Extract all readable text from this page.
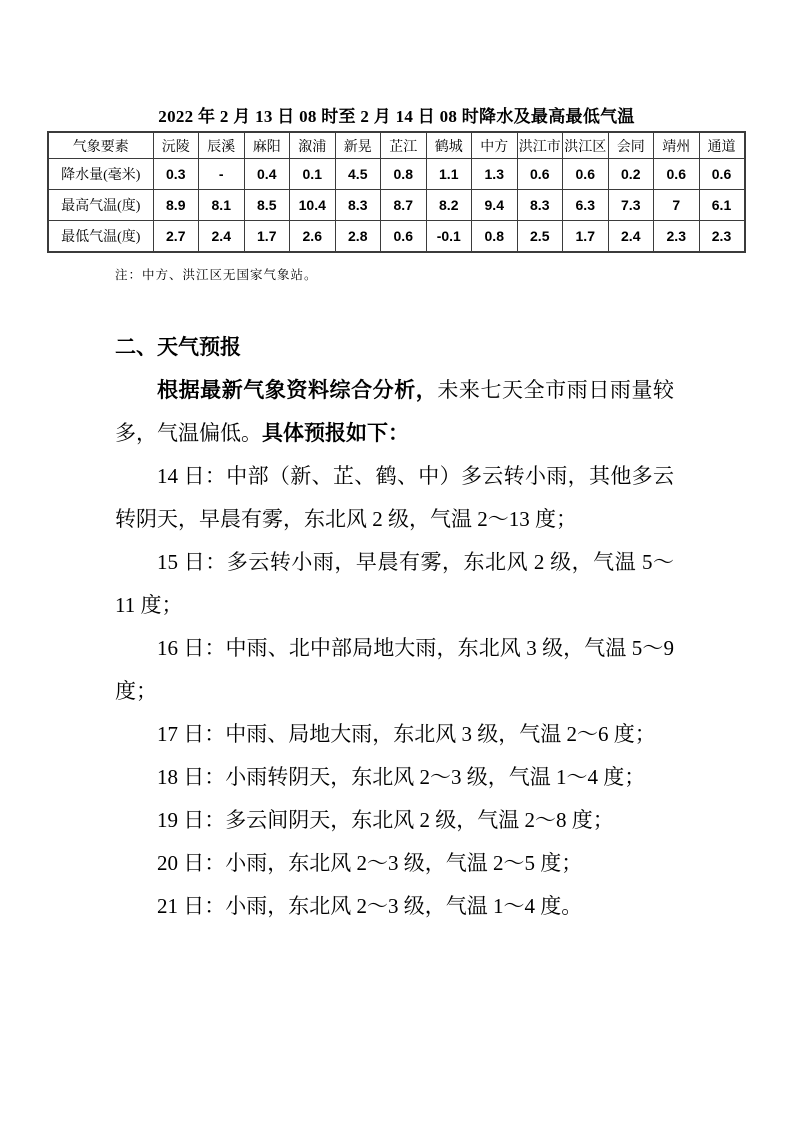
2022 年 2 月 13 日 08 时至 2 月 14 日 08 时降水及最高最低气温
气象要素	沅陵	辰溪	麻阳	溆浦	新晃	芷江	鹤城	中方	洪江市	洪江区	会同	靖州	通道
降水量(毫米)	0.3	-	0.4	0.1	4.5	0.8	1.1	1.3	0.6	0.6	0.2	0.6	0.6
最高气温(度)	8.9	8.1	8.5	10.4	8.3	8.7	8.2	9.4	8.3	6.3	7.3	7	6.1
最低气温(度)	2.7	2.4	1.7	2.6	2.8	0.6	-0.1	0.8	2.5	1.7	2.4	2.3	2.3
注：中方、洪江区无国家气象站。
二、天气预报

根据最新气象资料综合分析，未来七天全市雨日雨量较多，气温偏低。具体预报如下：

14 日：中部（新、芷、鹤、中）多云转小雨，其他多云转阴天，早晨有雾，东北风 2 级，气温 2～13 度；

15 日：多云转小雨，早晨有雾，东北风 2 级，气温 5～11 度；

16 日：中雨、北中部局地大雨，东北风 3 级，气温 5～9 度；

17 日：中雨、局地大雨，东北风 3 级，气温 2～6 度；

18 日：小雨转阴天，东北风 2～3 级，气温 1～4 度；

19 日：多云间阴天，东北风 2 级，气温 2～8 度；

20 日：小雨，东北风 2～3 级，气温 2～5 度；

21 日：小雨，东北风 2～3 级，气温 1～4 度。
